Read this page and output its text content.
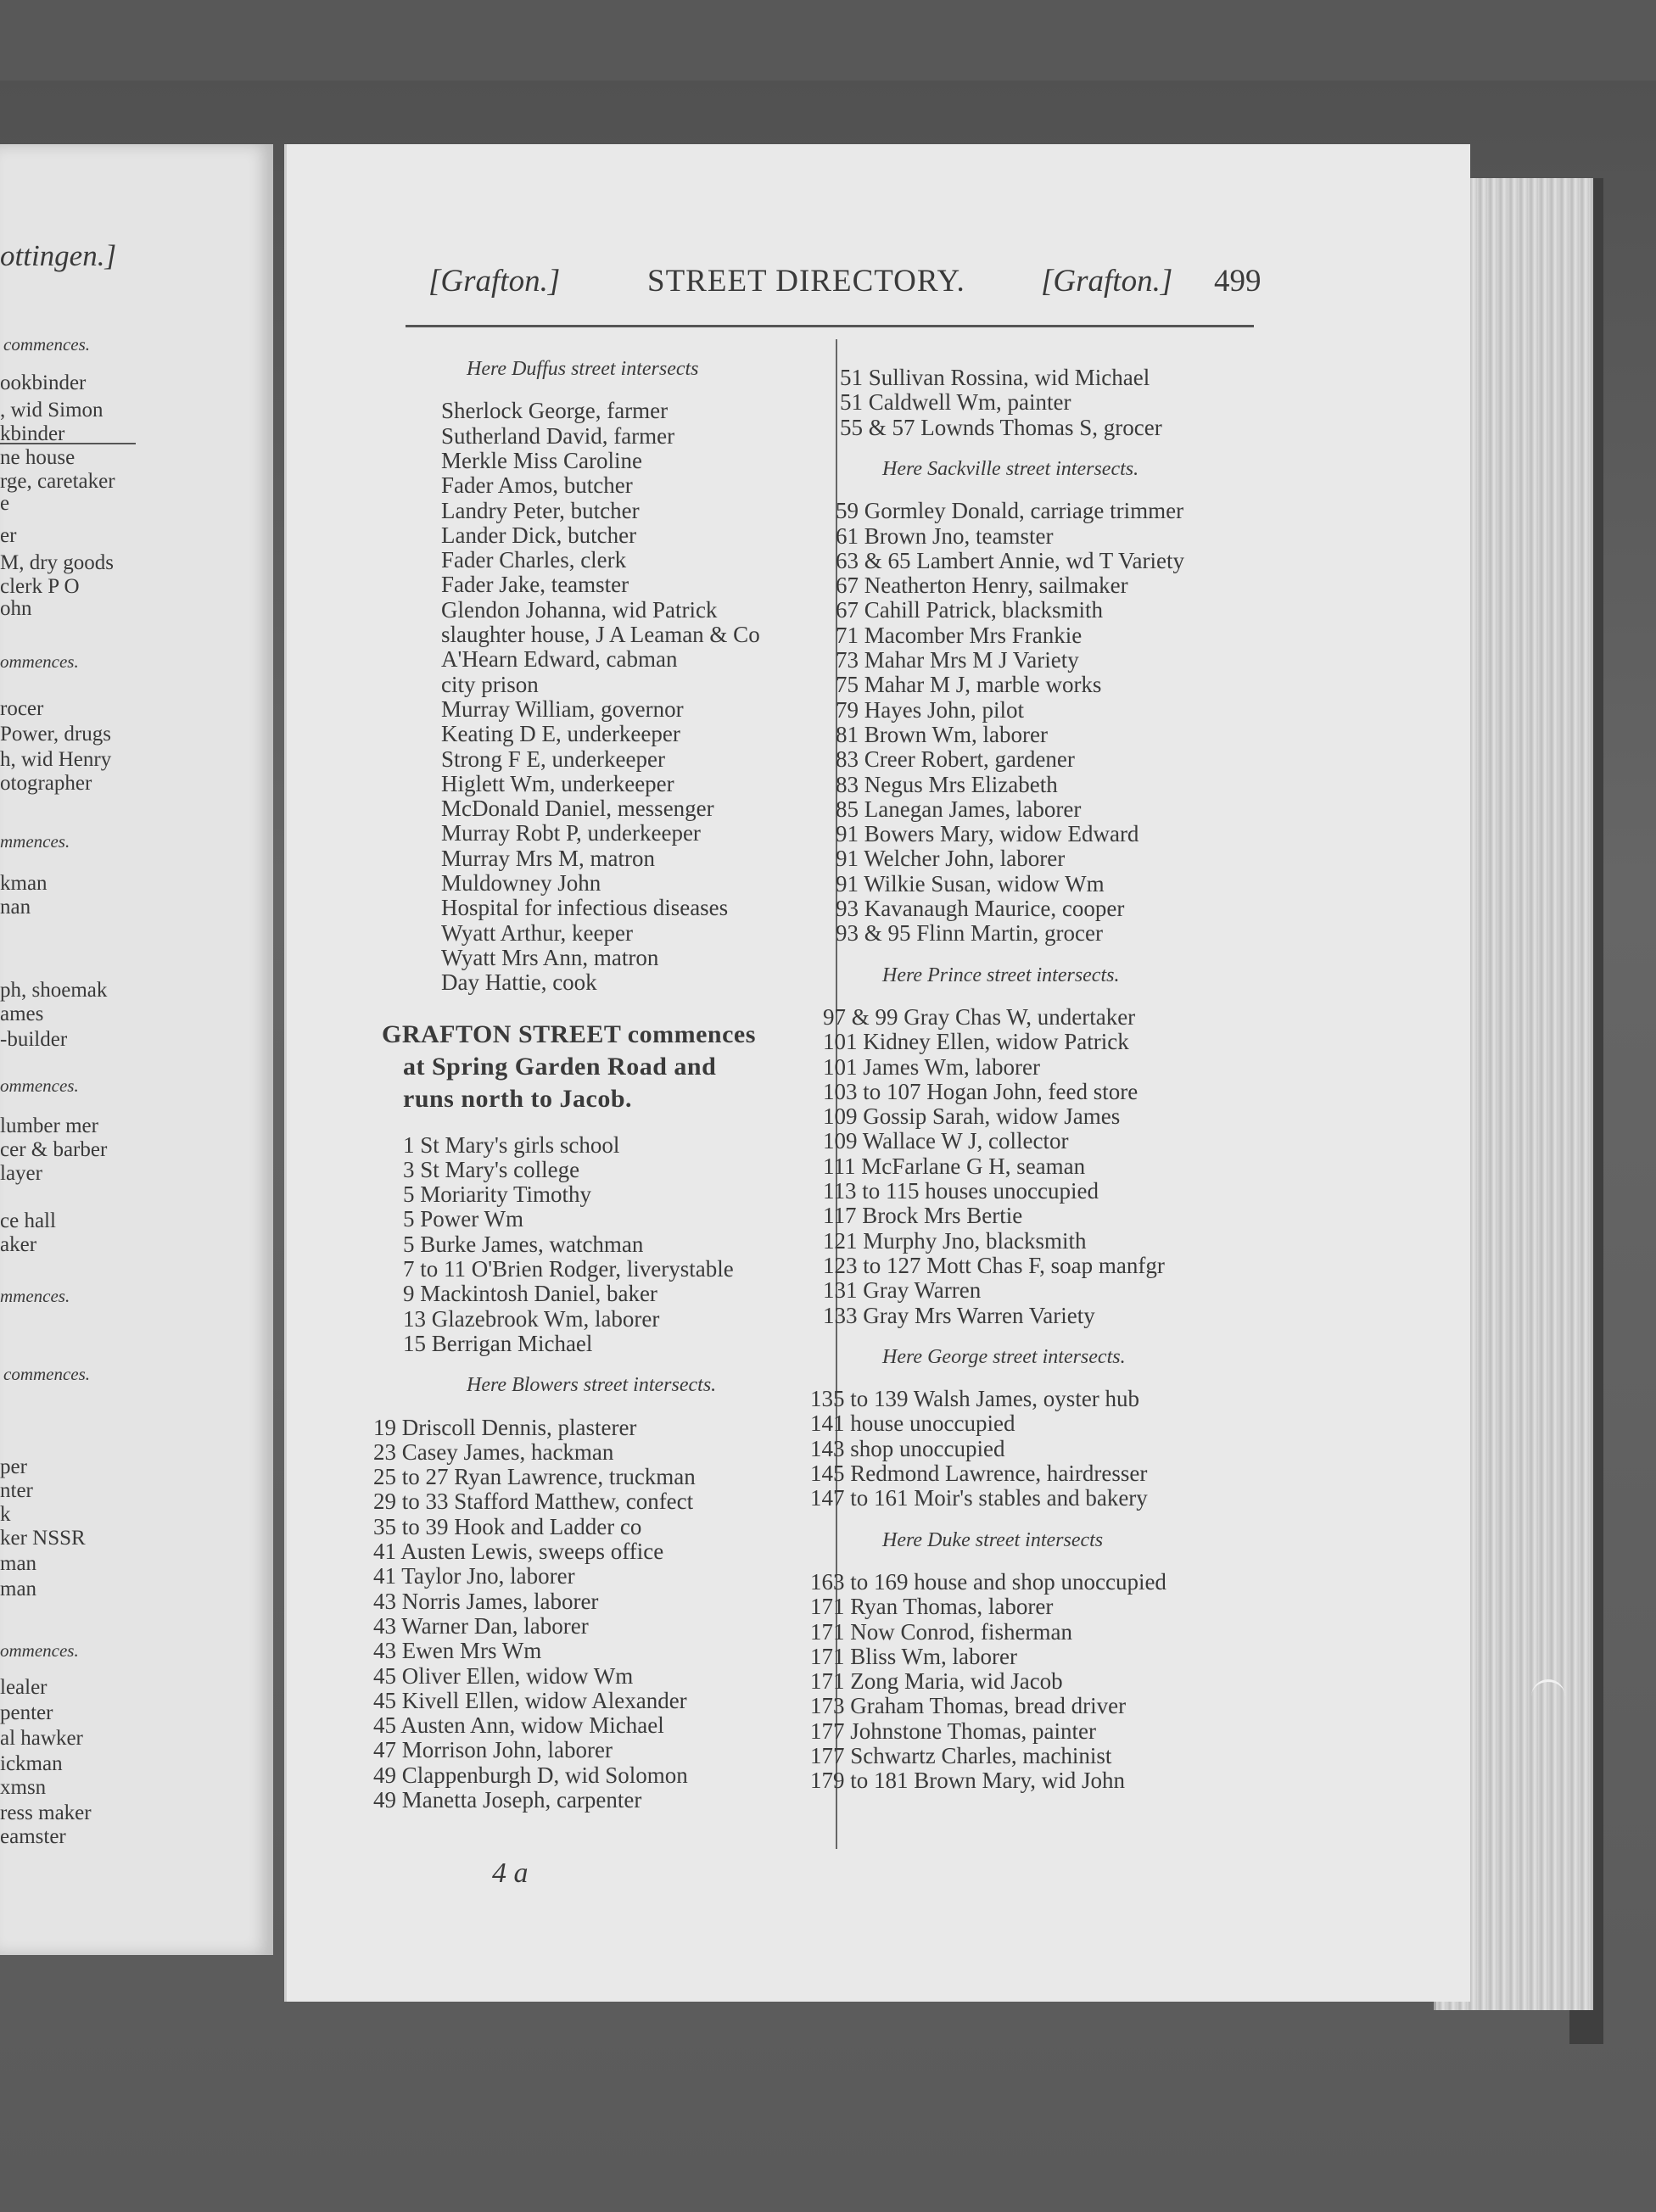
ottingen.]
commences.
ookbinder
, wid Simon
kbinder
ne house
rge, caretaker
e
er
M, dry goods
clerk P O
ohn
ommences.
rocer
Power, drugs
h, wid Henry
otographer
mmences.
kman
nan
ph, shoemak
ames
-builder
ommences.
lumber mer
cer & barber
layer
ce hall
aker
mmences.
commences.
per
nter
k
ker NSSR
man
man
ommences.
lealer
penter
al hawker
ickman
xmsn
ress maker
eamster
[Grafton.]	STREET DIRECTORY. [Grafton.] 499
Here Duffus street intersects
Sherlock George, farmer
Sutherland David, farmer
Merkle Miss Caroline
Fader Amos, butcher
Landry Peter, butcher
Lander Dick, butcher
Fader Charles, clerk
Fader Jake, teamster
Glendon Johanna, wid Patrick
slaughter house, J A Leaman & Co
A'Hearn Edward, cabman
city prison
Murray William, governor
Keating D E, underkeeper
Strong F E, underkeeper
Higlett Wm, underkeeper
McDonald Daniel, messenger
Murray Robt P, underkeeper
Murray Mrs M, matron
Muldowney John
Hospital for infectious diseases
Wyatt Arthur, keeper
Wyatt Mrs Ann, matron
Day Hattie, cook
GRAFTON STREET commences
at Spring Garden Road and
runs north to Jacob.
1 St Mary's girls school
3 St Mary's college
5 Moriarity Timothy
5 Power Wm
5 Burke James, watchman
7 to 11 O'Brien Rodger, liverystable
9 Mackintosh Daniel, baker
13 Glazebrook Wm, laborer
15 Berrigan Michael
Here Blowers street intersects.
19 Driscoll Dennis, plasterer
23 Casey James, hackman
25 to 27 Ryan Lawrence, truckman
29 to 33 Stafford Matthew, confect
35 to 39 Hook and Ladder co
41 Austen Lewis, sweeps office
41 Taylor Jno, laborer
43 Norris James, laborer
43 Warner Dan, laborer
43 Ewen Mrs Wm
45 Oliver Ellen, widow Wm
45 Kivell Ellen, widow Alexander
45 Austen Ann, widow Michael
47 Morrison John, laborer
49 Clappenburgh D, wid Solomon
49 Manetta Joseph, carpenter
51 Sullivan Rossina, wid Michael
51 Caldwell Wm, painter
55 & 57 Lownds Thomas S, grocer
Here Sackville street intersects.
59 Gormley Donald, carriage trimmer
61 Brown Jno, teamster
63 & 65 Lambert Annie, wd T Variety
67 Neatherton Henry, sailmaker
67 Cahill Patrick, blacksmith
71 Macomber Mrs Frankie
73 Mahar Mrs M J Variety
75 Mahar M J, marble works
79 Hayes John, pilot
81 Brown Wm, laborer
83 Creer Robert, gardener
83 Negus Mrs Elizabeth
85 Lanegan James, laborer
91 Bowers Mary, widow Edward
91 Welcher John, laborer
91 Wilkie Susan, widow Wm
93 Kavanaugh Maurice, cooper
93 & 95 Flinn Martin, grocer
Here Prince street intersects.
97 & 99 Gray Chas W, undertaker
101 Kidney Ellen, widow Patrick
101 James Wm, laborer
103 to 107 Hogan John, feed store
109 Gossip Sarah, widow James
109 Wallace W J, collector
111 McFarlane G H, seaman
113 to 115 houses unoccupied
117 Brock Mrs Bertie
121 Murphy Jno, blacksmith
123 to 127 Mott Chas F, soap manfgr
131 Gray Warren
133 Gray Mrs Warren Variety
Here George street intersects.
135 to 139 Walsh James, oyster hub
141 house unoccupied
143 shop unoccupied
145 Redmond Lawrence, hairdresser
147 to 161 Moir's stables and bakery
Here Duke street intersects
163 to 169 house and shop unoccupied
171 Ryan Thomas, laborer
171 Now Conrod, fisherman
171 Bliss Wm, laborer
171 Zong Maria, wid Jacob
173 Graham Thomas, bread driver
177 Johnstone Thomas, painter
177 Schwartz Charles, machinist
179 to 181 Brown Mary, wid John
4 a
